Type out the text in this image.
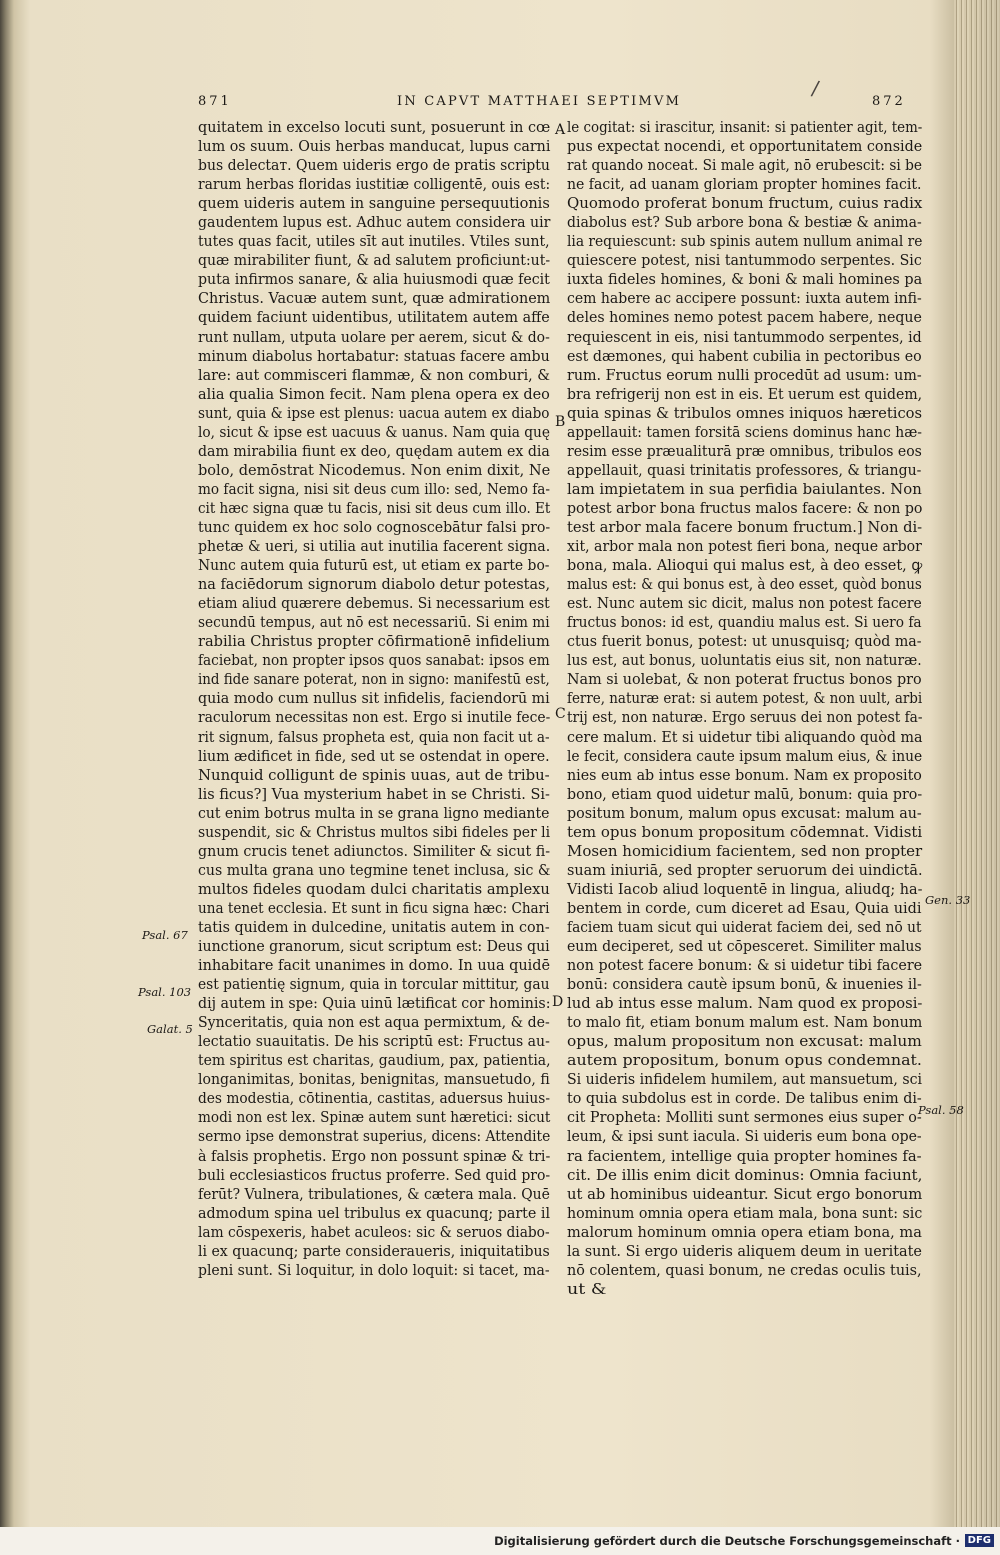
871	IN CAPVT MATTHAEI SEPTIMVM	872
/

quitatem in excelso locuti sunt, posuerunt in cœ

lum os suum. Ouis herbas manducat, lupus carni

bus delectaт. Quem uideris ergo de pratis scriptu

rarum herbas floridas iustitiæ colligentē, ouis est:

quem uideris autem in sanguine persequutionis

gaudentem lupus est. Adhuc autem considera uir

tutes quas facit, utiles sīt aut inutiles. Vtiles sunt,

quæ mirabiliter fiunt, & ad salutem proficiunt:ut-

puta infirmos sanare, & alia huiusmodi quæ fecit

Christus. Vacuæ autem sunt, quæ admirationem

quidem faciunt uidentibus, utilitatem autem affe

runt nullam, utputa uolare per aerem, sicut & do-

minum diabolus hortabatur: statuas facere ambu

lare: aut commisceri flammæ, & non comburi, &

alia qualia Simon fecit. Nam plena opera ex deo

sunt, quia & ipse est plenus: uacua autem ex diabo

lo, sicut & ipse est uacuus & uanus. Nam quia quę

dam mirabilia fiunt ex deo, quędam autem ex dia

bolo, demōstrat Nicodemus. Non enim dixit, Ne

mo facit signa, nisi sit deus cum illo: sed, Nemo fa-

cit hæc signa quæ tu facis, nisi sit deus cum illo. Et

tunc quidem ex hoc solo cognoscebātur falsi pro-

phetæ & ueri, si utilia aut inutilia facerent signa.

Nunc autem quia futurū est, ut etiam ex parte bo-

na faciēdorum signorum diabolo detur potestas,

etiam aliud quærere debemus. Si necessarium est

secundū tempus, aut nō est necessariū. Si enim mi

rabilia Christus propter cōfirmationē infidelium

faciebat, non propter ipsos quos sanabat: ipsos em

ind fide sanare poterat, non in signo: manifestū est,

quia modo cum nullus sit infidelis, faciendorū mi

raculorum necessitas non est. Ergo si inutile fece-

rit signum, falsus propheta est, quia non facit ut a-

lium ædificet in fide, sed ut se ostendat in opere.

Nunquid colligunt de spinis uuas, aut de tribu-

lis ficus?] Vua mysterium habet in se Christi. Si-

cut enim botrus multa in se grana ligno mediante

suspendit, sic & Christus multos sibi fideles per li

gnum crucis tenet adiunctos. Similiter & sicut fi-

cus multa grana uno tegmine tenet inclusa, sic &

multos fideles quodam dulci charitatis amplexu

una tenet ecclesia. Et sunt in ficu signa hæc: Chari

tatis quidem in dulcedine, unitatis autem in con-

iunctione granorum, sicut scriptum est: Deus qui

inhabitare facit unanimes in domo. In uua quidē

est patientię signum, quia in torcular mittitur, gau

dij autem in spe: Quia uinū lætificat cor hominis:

Synceritatis, quia non est aqua permixtum, & de-

lectatio suauitatis. De his scriptū est: Fructus au-

tem spiritus est charitas, gaudium, pax, patientia,

longanimitas, bonitas, benignitas, mansuetudo, fi

des modestia, cōtinentia, castitas, aduersus huius-

modi non est lex. Spinæ autem sunt hæretici: sicut

sermo ipse demonstrat superius, dicens: Attendite

à falsis prophetis. Ergo non possunt spinæ & tri-

buli ecclesiasticos fructus proferre. Sed quid pro-

ferūt? Vulnera, tribulationes, & cætera mala. Quē

admodum spina uel tribulus ex quacunq; parte il

lam cōspexeris, habet aculeos: sic & seruos diabo-

li ex quacunq; parte consideraueris, iniquitatibus

pleni sunt. Si loquitur, in dolo loquit: si tacet, ma-

le cogitat: si irascitur, insanit: si patienter agit, tem-

pus expectat nocendi, et opportunitatem conside

rat quando noceat. Si male agit, nō erubescit: si be

ne facit, ad uanam gloriam propter homines facit.

Quomodo proferat bonum fructum, cuius radix

diabolus est? Sub arbore bona & bestiæ & anima-

lia requiescunt: sub spinis autem nullum animal re

quiescere potest, nisi tantummodo serpentes. Sic

iuxta fideles homines, & boni & mali homines pa

cem habere ac accipere possunt: iuxta autem infi-

deles homines nemo potest pacem habere, neque

requiescent in eis, nisi tantummodo serpentes, id

est dæmones, qui habent cubilia in pectoribus eo

rum. Fructus eorum nulli procedūt ad usum: um-

bra refrigerij non est in eis. Et uerum est quidem,

quia spinas & tribulos omnes iniquos hæreticos

appellauit: tamen forsitā sciens dominus hanc hæ-

resim esse præualiturā præ omnibus, tribulos eos

appellauit, quasi trinitatis professores, & triangu-

lam impietatem in sua perfidia baiulantes. Non

potest arbor bona fructus malos facere: & non po

test arbor mala facere bonum fructum.] Non di-

xit, arbor mala non potest fieri bona, neque arbor

bona, mala. Alioqui qui malus est, à deo esset, ꝙ

malus est: & qui bonus est, à deo esset, quòd bonus

est. Nunc autem sic dicit, malus non potest facere

fructus bonos: id est, quandiu malus est. Si uero fa

ctus fuerit bonus, potest: ut unusquisq; quòd ma-

lus est, aut bonus, uoluntatis eius sit, non naturæ.

Nam si uolebat, & non poterat fructus bonos pro

ferre, naturæ erat: si autem potest, & non uult, arbi

trij est, non naturæ. Ergo seruus dei non potest fa-

cere malum. Et si uidetur tibi aliquando quòd ma

le fecit, considera caute ipsum malum eius, & inue

nies eum ab intus esse bonum. Nam ex proposito

bono, etiam quod uidetur malū, bonum: quia pro-

positum bonum, malum opus excusat: malum au-

tem opus bonum propositum cōdemnat. Vidisti

Mosen homicidium facientem, sed non propter

suam iniuriā, sed propter seruorum dei uindictā.

Vidisti Iacob aliud loquentē in lingua, aliudq; ha-

bentem in corde, cum diceret ad Esau, Quia uidi

faciem tuam sicut qui uiderat faciem dei, sed nō ut

eum deciperet, sed ut cōpesceret. Similiter malus

non potest facere bonum: & si uidetur tibi facere

bonū: considera cautè ipsum bonū, & inuenies il-

lud ab intus esse malum. Nam quod ex proposi-

to malo fit, etiam bonum malum est. Nam bonum

opus, malum propositum non excusat: malum

autem propositum, bonum opus condemnat.

Si uideris infidelem humilem, aut mansuetum, sci

to quia subdolus est in corde. De talibus enim di-

cit Propheta: Molliti sunt sermones eius super o-

leum, & ipsi sunt iacula. Si uideris eum bona ope-

ra facientem, intellige quia propter homines fa-

cit. De illis enim dicit dominus: Omnia faciunt,

ut ab hominibus uideantur. Sicut ergo bonorum

hominum omnia opera etiam mala, bona sunt: sic

malorum hominum omnia opera etiam bona, ma

la sunt. Si ergo uideris aliquem deum in ueritate

nō colentem, quasi bonum, ne credas oculis tuis,

ut &

A
B
C
D
Psal. 67
Psal. 103
Galat. 5
Gen. 33
Psal. 58
Digitalisierung gefördert durch die Deutsche Forschungsgemeinschaft · DFG
